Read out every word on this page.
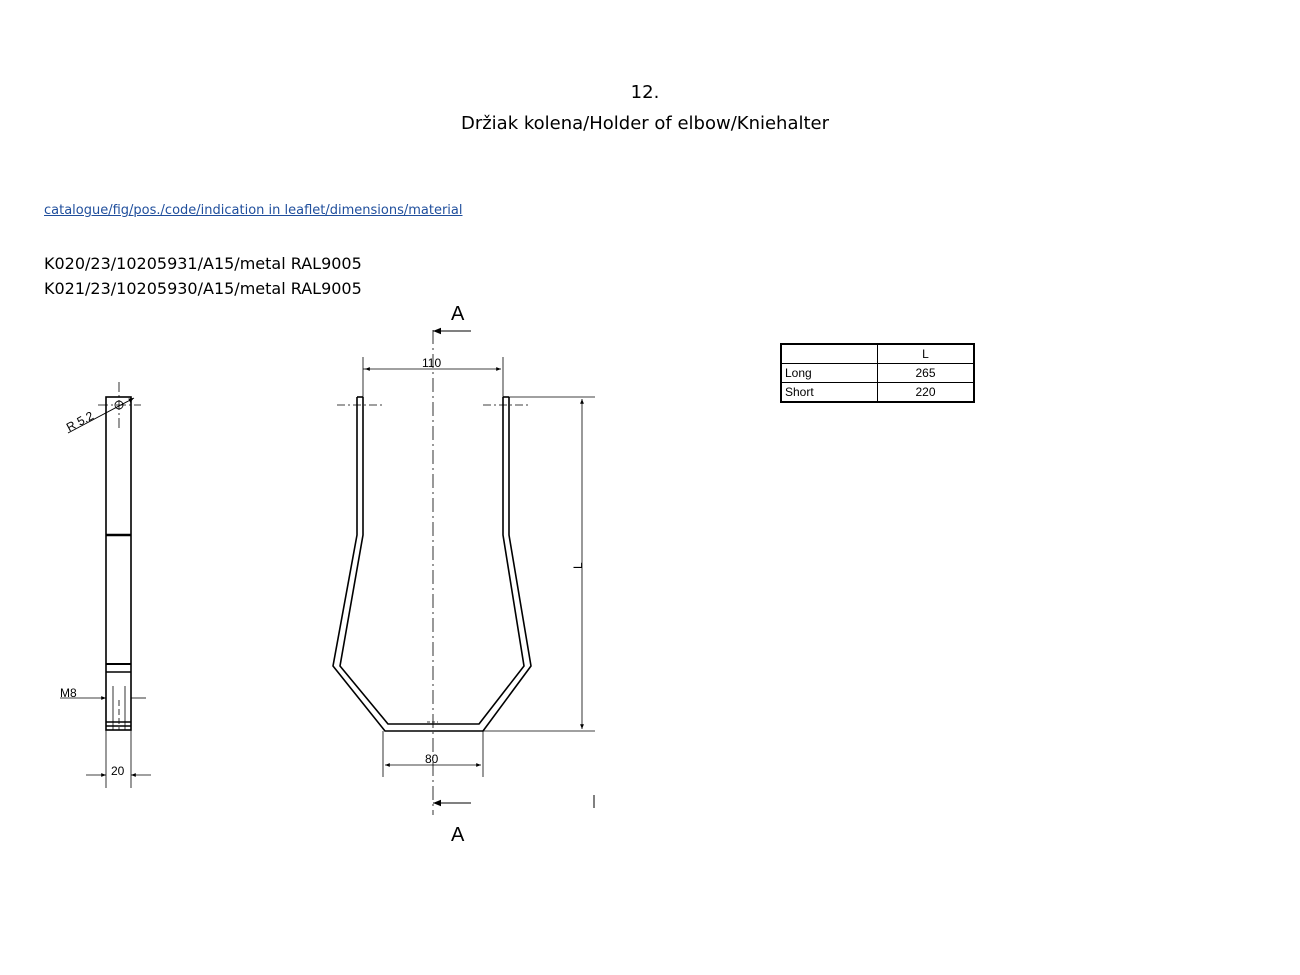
12.
Držiak kolena/Holder of elbow/Kniehalter
catalogue/fig/pos./code/indication in leaflet/dimensions/material
K020/23/10205931/A15/metal RAL9005
K021/23/10205930/A15/metal RAL9005
R 5.2
M8
20
110
80
L
A
A
	L
Long	265
Short	220
